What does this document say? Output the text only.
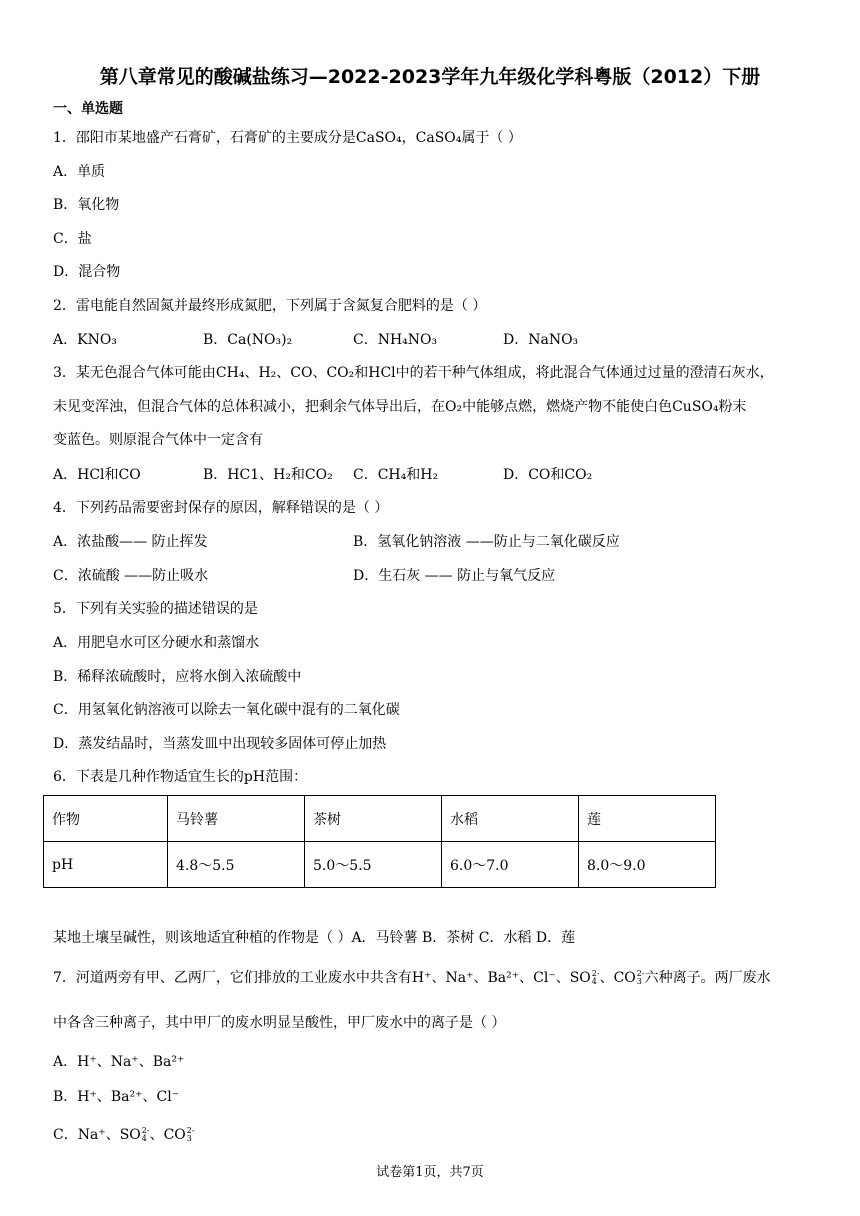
第八章常见的酸碱盐练习—2022-2023学年九年级化学科粤版（2012）下册
一、单选题
1．邵阳市某地盛产石膏矿，石膏矿的主要成分是CaSO₄，CaSO₄属于（ ）
A．单质
B．氧化物
C．盐
D．混合物
2．雷电能自然固氮并最终形成氮肥，下列属于含氮复合肥料的是（ ）
A．KNO₃	B．Ca(NO₃)₂	C．NH₄NO₃	D．NaNO₃
3．某无色混合气体可能由CH₄、H₂、CO、CO₂和HCl中的若干种气体组成，将此混合气体通过过量的澄清石灰水，
未见变浑浊，但混合气体的总体积减小，把剩余气体导出后，在O₂中能够点燃，燃烧产物不能使白色CuSO₄粉末
变蓝色。则原混合气体中一定含有
A．HCl和CO	B．HC1、H₂和CO₂ C．CH₄和H₂	D．CO和CO₂
4．下列药品需要密封保存的原因，解释错误的是（ ）
A．浓盐酸—— 防止挥发	B．氢氧化钠溶液 ——防止与二氧化碳反应
C．浓硫酸 ——防止吸水	D．生石灰 —— 防止与氧气反应
5．下列有关实验的描述错误的是
A．用肥皂水可区分硬水和蒸馏水
B．稀释浓硫酸时，应将水倒入浓硫酸中
C．用氢氧化钠溶液可以除去一氧化碳中混有的二氧化碳
D．蒸发结晶时，当蒸发皿中出现较多固体可停止加热
6．下表是几种作物适宜生长的pH范围：
作物	马铃薯	茶树	水稻	莲
pH	4.8～5.5	5.0～5.5	6.0～7.0	8.0～9.0
某地土壤呈碱性，则该地适宜种植的作物是（ ）A．马铃薯 B．茶树 C．水稻 D．莲
7．河道两旁有甲、乙两厂，它们排放的工业废水中共含有H⁺、Na⁺、Ba²⁺、Cl⁻、SO 2-
4 、CO 2-
3 六种离子。两厂废水
中各含三种离子，其中甲厂的废水明显呈酸性，甲厂废水中的离子是（ ）
A．H⁺、Na⁺、Ba²⁺
B．H⁺、Ba²⁺、Cl⁻
C．Na⁺、SO 2-
4 、CO 2-
3
试卷第1页，共7页
